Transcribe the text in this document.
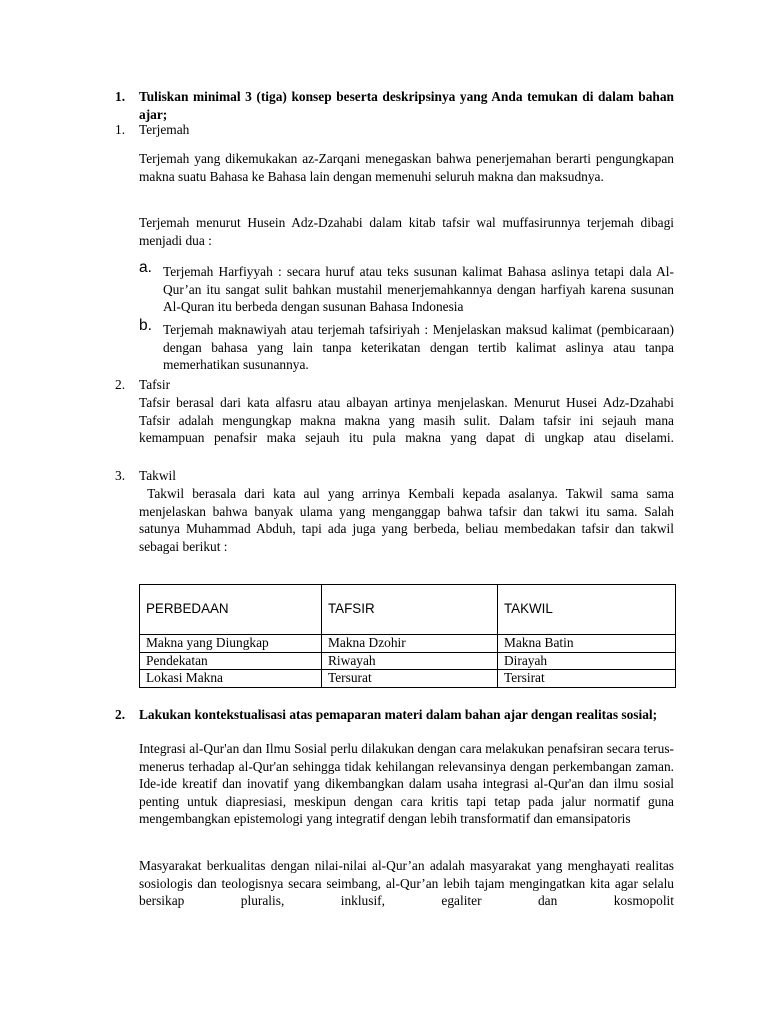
1. Tuliskan minimal 3 (tiga) konsep beserta deskripsinya yang Anda temukan di dalam bahan ajar;

1. Terjemah

Terjemah yang dikemukakan az-Zarqani menegaskan bahwa penerjemahan berarti pengungkapan makna suatu Bahasa ke Bahasa lain dengan memenuhi seluruh makna dan maksudnya.

Terjemah menurut Husein Adz-Dzahabi dalam kitab tafsir wal muffasirunnya terjemah dibagi menjadi dua :

a. Terjemah Harfiyyah : secara huruf atau teks susunan kalimat Bahasa aslinya tetapi dala Al-Qur’an itu sangat sulit bahkan mustahil menerjemahkannya dengan harfiyah karena susunan Al-Quran itu berbeda dengan susunan Bahasa Indonesia

b. Terjemah maknawiyah atau terjemah tafsiriyah : Menjelaskan maksud kalimat (pembicaraan) dengan bahasa yang lain tanpa keterikatan dengan tertib kalimat aslinya atau tanpa memerhatikan susunannya.

2. Tafsir

Tafsir berasal dari kata alfasru atau albayan artinya menjelaskan. Menurut Husei Adz-Dzahabi Tafsir adalah mengungkap makna makna yang masih sulit. Dalam tafsir ini sejauh mana kemampuan penafsir maka sejauh itu pula makna yang dapat di ungkap atau diselami.

3. Takwil

Takwil berasala dari kata aul yang arrinya Kembali kepada asalanya. Takwil sama sama menjelaskan bahwa banyak ulama yang menganggap bahwa tafsir dan takwi itu sama. Salah satunya Muhammad Abduh, tapi ada juga yang berbeda, beliau membedakan tafsir dan takwil sebagai berikut :

PERBEDAAN	TAFSIR	TAKWIL
Makna yang Diungkap	Makna Dzohir	Makna Batin
Pendekatan	Riwayah	Dirayah
Lokasi Makna	Tersurat	Tersirat
2. Lakukan kontekstualisasi atas pemaparan materi dalam bahan ajar dengan realitas sosial;

Integrasi al-Qur'an dan Ilmu Sosial perlu dilakukan dengan cara melakukan penafsiran secara terus-menerus terhadap al-Qur'an sehingga tidak kehilangan relevansinya dengan perkembangan zaman. Ide-ide kreatif dan inovatif yang dikembangkan dalam usaha integrasi al-Qur'an dan ilmu sosial penting untuk diapresiasi, meskipun dengan cara kritis tapi tetap pada jalur normatif guna mengembangkan epistemologi yang integratif dengan lebih transformatif dan emansipatoris

Masyarakat berkualitas dengan nilai-nilai al-Qur’an adalah masyarakat yang menghayati realitas sosiologis dan teologisnya secara seimbang, al-Qur’an lebih tajam mengingatkan kita agar selalu bersikap pluralis, inklusif, egaliter dan kosmopolit
